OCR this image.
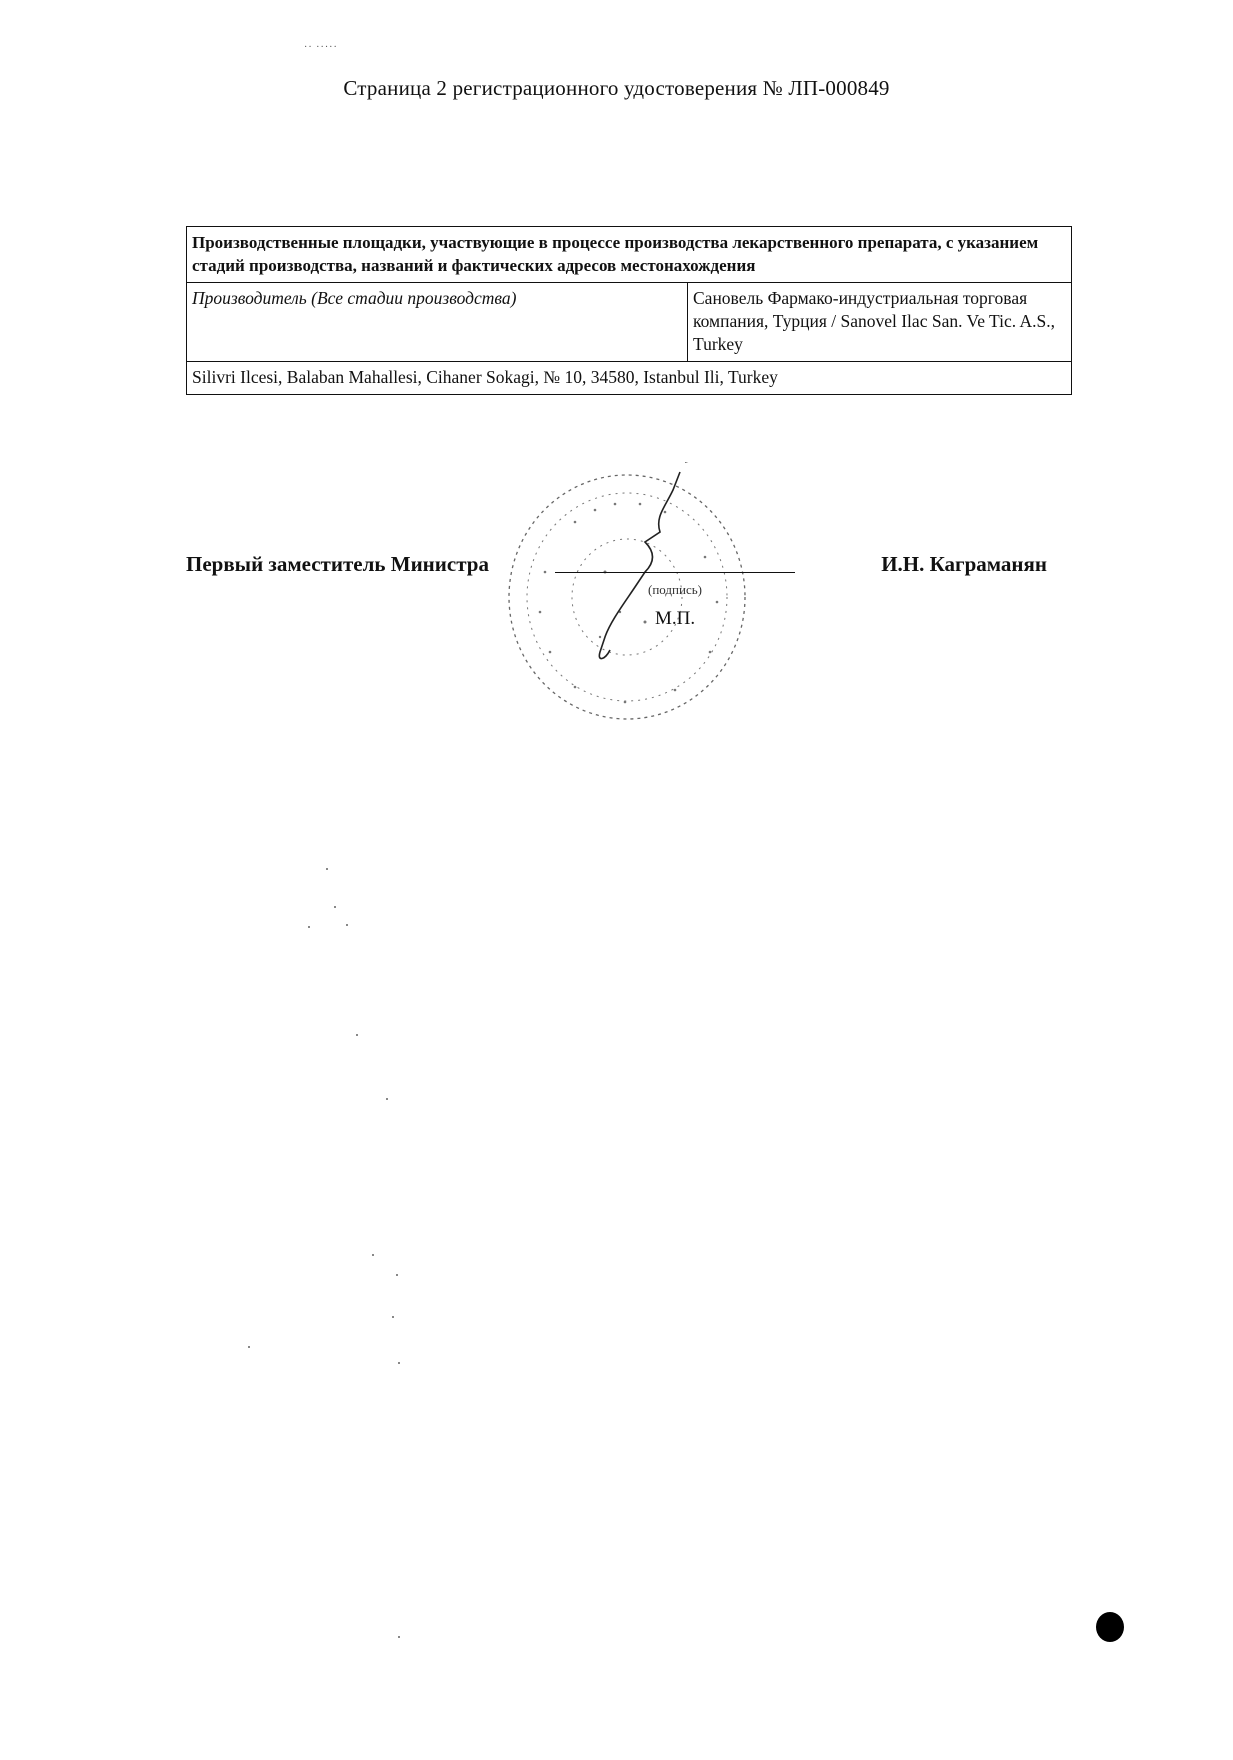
·· ·····
Страница 2 регистрационного удостоверения № ЛП-000849
Производственные площадки, участвующие в процессе производства лекарственного препарата, с указанием стадий производства, названий и фактических адресов местонахождения
Производитель (Все стадии производства)	Сановель Фармако-индустриальная торговая компания, Турция / Sanovel Ilac San. Ve Tic. A.S., Turkey
Silivri Ilcesi, Balaban Mahallesi, Cihaner Sokagi, № 10, 34580, Istanbul Ili, Turkey
Первый заместитель Министра	И.Н. Каграманян
(подпись)
М.П.
